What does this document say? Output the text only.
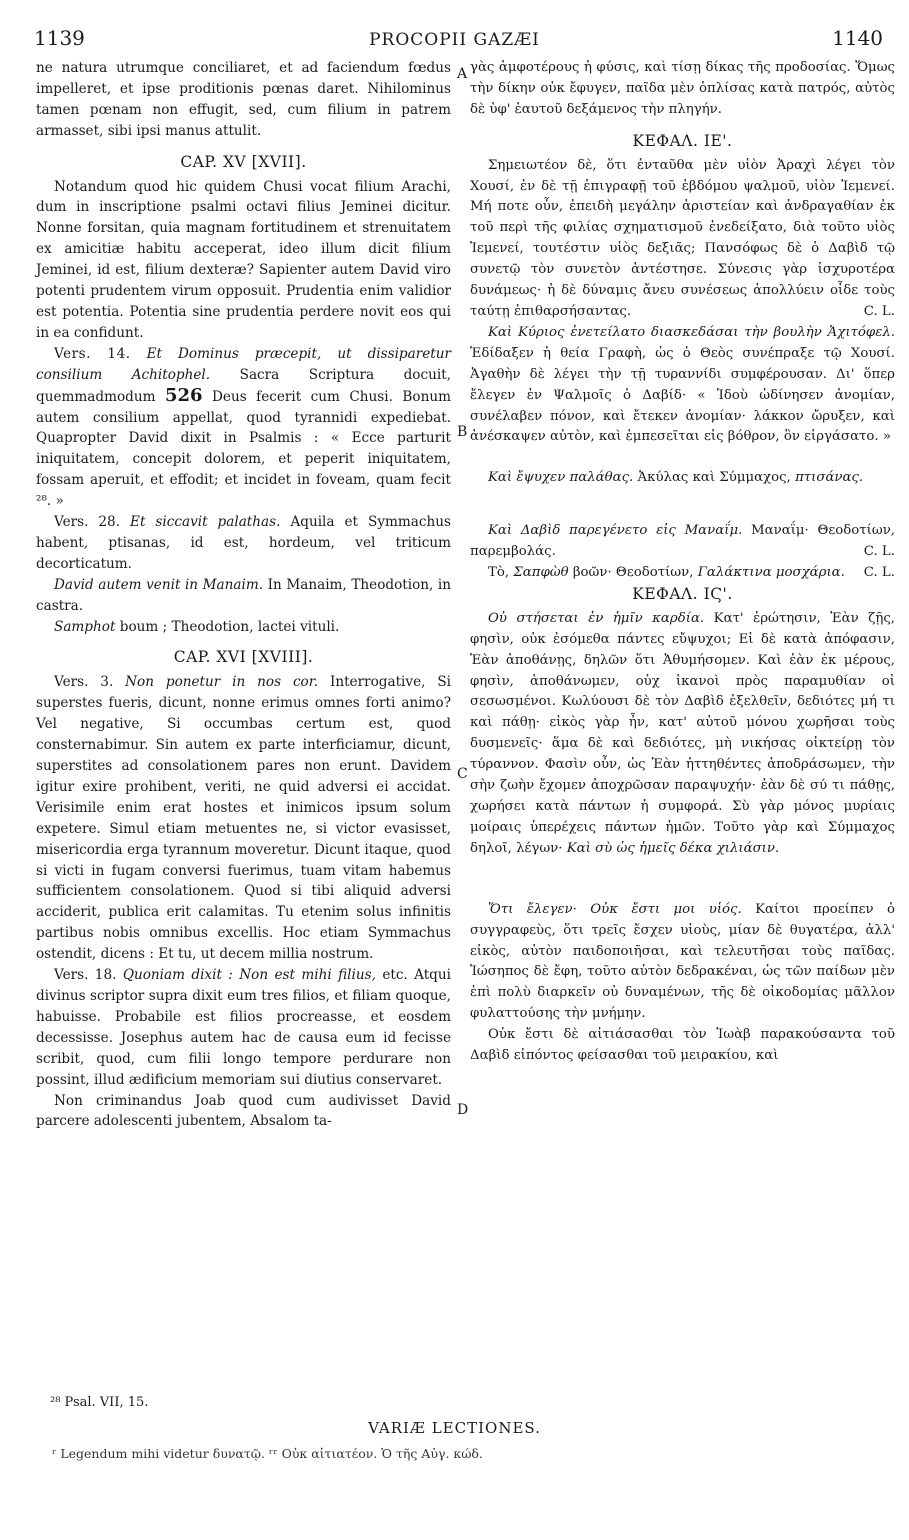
1139	PROCOPII GAZÆI	1140

ne natura utrumque conciliaret, et ad faciendum fœdus impelleret, et ipse proditionis pœnas daret. Nihilominus tamen pœnam non effugit, sed, cum filium in patrem armasset, sibi ipsi manus attulit.

CAP. XV [XVII].

Notandum quod hic quidem Chusi vocat filium Arachi, dum in inscriptione psalmi octavi filius Jeminei dicitur. Nonne forsitan, quia magnam fortitudinem et strenuitatem ex amicitiæ habitu acceperat, ideo illum dicit filium Jeminei, id est, filium dexteræ? Sapienter autem David viro potenti prudentem virum opposuit. Prudentia enim validior est potentia. Potentia sine prudentia perdere novit eos qui in ea confidunt.

Vers. 14. Et Dominus præcepit, ut dissiparetur consilium Achitophel. Sacra Scriptura docuit, quemmadmodum 526 Deus fecerit cum Chusi. Bonum autem consilium appellat, quod tyrannidi expediebat. Quapropter David dixit in Psalmis : « Ecce parturit iniquitatem, concepit dolorem, et peperit iniquitatem, fossam aperuit, et effodit; et incidet in foveam, quam fecit ²⁸. »

Vers. 28. Et siccavit palathas. Aquila et Symmachus habent, ptisanas, id est, hordeum, vel triticum decorticatum.

David autem venit in Manaim. In Manaim, Theodotion, in castra.

Samphot boum ; Theodotion, lactei vituli.

CAP. XVI [XVIII].

Vers. 3. Non ponetur in nos cor. Interrogative, Si superstes fueris, dicunt, nonne erimus omnes forti animo? Vel negative, Si occumbas certum est, quod consternabimur. Sin autem ex parte interficiamur, dicunt, superstites ad consolationem pares non erunt. Davidem igitur exire prohibent, veriti, ne quid adversi ei accidat. Verisimile enim erat hostes et inimicos ipsum solum expetere. Simul etiam metuentes ne, si victor evasisset, misericordia erga tyrannum moveretur. Dicunt itaque, quod si victi in fugam conversi fuerimus, tuam vitam habemus sufficientem consolationem. Quod si tibi aliquid adversi acciderit, publica erit calamitas. Tu etenim solus infinitis partibus nobis omnibus excellis. Hoc etiam Symmachus ostendit, dicens : Et tu, ut decem millia nostrum.

Vers. 18. Quoniam dixit : Non est mihi filius, etc. Atqui divinus scriptor supra dixit eum tres filios, et filiam quoque, habuisse. Probabile est filios procreasse, et eosdem decessisse. Josephus autem hac de causa eum id fecisse scribit, quod, cum filii longo tempore perdurare non possint, illud ædificium memoriam sui diutius conservaret.

Non criminandus Joab quod cum audivisset David parcere adolescenti jubentem, Absalom ta-

A
B
C
D

γὰς ἀμφοτέρους ἡ φύσις, καὶ τίσῃ δίκας τῆς προδοσίας. Ὅμως τὴν δίκην οὐκ ἔφυγεν, παῖδα μὲν ὁπλίσας κατὰ πατρός, αὐτὸς δὲ ὑφ' ἑαυτοῦ δεξάμενος τὴν πληγήν.

ΚΕΦΑΛ. ΙΕ'.

Σημειωτέον δὲ, ὅτι ἐνταῦθα μὲν υἱὸν Ἀραχὶ λέγει τὸν Χουσί, ἐν δὲ τῇ ἐπιγραφῇ τοῦ ἑβδόμου ψαλμοῦ, υἱὸν Ἰεμενεί. Μή ποτε οὖν, ἐπειδὴ μεγάλην ἀριστείαν καὶ ἀνδραγαθίαν ἐκ τοῦ περὶ τῆς φιλίας σχηματισμοῦ ἐνεδείξατο, διὰ τοῦτο υἱὸς Ἰεμενεί, τουτέστιν υἱὸς δεξιᾶς; Πανσόφως δὲ ὁ Δαβὶδ τῷ συνετῷ τὸν συνετὸν ἀντέστησε. Σύνεσις γὰρ ἰσχυροτέρα δυνάμεως· ἡ δὲ δύναμις ἄνευ συνέσεως ἀπολλύειν οἶδε τοὺς ταύτῃ ἐπιθαρσήσαντας.	C. L.

Καὶ Κύριος ἐνετείλατο διασκεδάσαι τὴν βουλὴν Ἀχιτόφελ. Ἐδίδαξεν ἡ θεία Γραφὴ, ὡς ὁ Θεὸς συνέπραξε τῷ Χουσί. Ἀγαθὴν δὲ λέγει τὴν τῇ τυραννίδι συμφέρουσαν. Δι' ὅπερ ἔλεγεν ἐν Ψαλμοῖς ὁ Δαβίδ· « Ἰδοὺ ὠδίνησεν ἀνομίαν, συνέλαβεν πόνον, καὶ ἔτεκεν ἀνομίαν· λάκκον ὤρυξεν, καὶ ἀνέσκαψεν αὐτὸν, καὶ ἐμπεσεῖται εἰς βόθρον, ὃν εἰργάσατο. »

Καὶ ἔψυχεν παλάθας. Ἀκύλας καὶ Σύμμαχος, πτισάνας.

Καὶ Δαβὶδ παρεγένετο εἰς Μαναΐμ. Μαναΐμ· Θεοδοτίων, παρεμβολάς.	C. L.

Τὸ, Σαπφὼθ βοῶν· Θεοδοτίων, Γαλάκτινα μοσχάρια.	C. L.

ΚΕΦΑΛ. ΙϚ'.

Οὐ στήσεται ἐν ἡμῖν καρδία. Κατ' ἐρώτησιν, Ἐὰν ζῇς, φησὶν, οὐκ ἐσόμεθα πάντες εὔψυχοι; Εἰ δὲ κατὰ ἀπόφασιν, Ἐὰν ἀποθάνῃς, δηλῶν ὅτι Ἀθυμήσομεν. Καὶ ἐὰν ἐκ μέρους, φησὶν, ἀποθάνωμεν, οὐχ ἱκανοὶ πρὸς παραμυθίαν οἱ σεσωσμένοι. Κωλύουσι δὲ τὸν Δαβὶδ ἐξελθεῖν, δεδιότες μή τι καὶ πάθῃ· εἰκὸς γὰρ ἦν, κατ' αὐτοῦ μόνου χωρῆσαι τοὺς δυσμενεῖς· ἅμα δὲ καὶ δεδιότες, μὴ νικήσας οἰκτείρῃ τὸν τύραννον. Φασὶν οὖν, ὡς Ἐὰν ἡττηθέντες ἀποδράσωμεν, τὴν σὴν ζωὴν ἔχομεν ἀποχρῶσαν παραψυχήν· ἐὰν δὲ σύ τι πάθῃς, χωρήσει κατὰ πάντων ἡ συμφορά. Σὺ γὰρ μόνος μυρίαις μοίραις ὑπερέχεις πάντων ἡμῶν. Τοῦτο γὰρ καὶ Σύμμαχος δηλοῖ, λέγων· Καὶ σὺ ὡς ἡμεῖς δέκα χιλιάσιν.

Ὅτι ἔλεγεν· Οὐκ ἔστι μοι υἱός. Καίτοι προείπεν ὁ συγγραφεὺς, ὅτι τρεῖς ἔσχεν υἱοὺς, μίαν δὲ θυγατέρα, ἀλλ' εἰκὸς, αὐτὸν παιδοποιῆσαι, καὶ τελευτῆσαι τοὺς παῖδας. Ἰώσηπος δὲ ἔφη, τοῦτο αὐτὸν δεδρακέναι, ὡς τῶν παίδων μὲν ἐπὶ πολὺ διαρκεῖν οὐ δυναμένων, τῆς δὲ οἰκοδομίας μᾶλλον φυλαττούσης τὴν μνήμην.

Οὐκ ἔστι δὲ αἰτιάσασθαι τὸν Ἰωὰβ παρακούσαντα τοῦ Δαβὶδ εἰπόντος φείσασθαι τοῦ μειρακίου, καὶ

²⁸ Psal. VII, 15.
VARIÆ LECTIONES.
ʳ Legendum mihi videtur δυνατῷ. ʳʳ Οὐκ αἰτιατέον. Ὁ τῆς Αὐγ. κώδ.
